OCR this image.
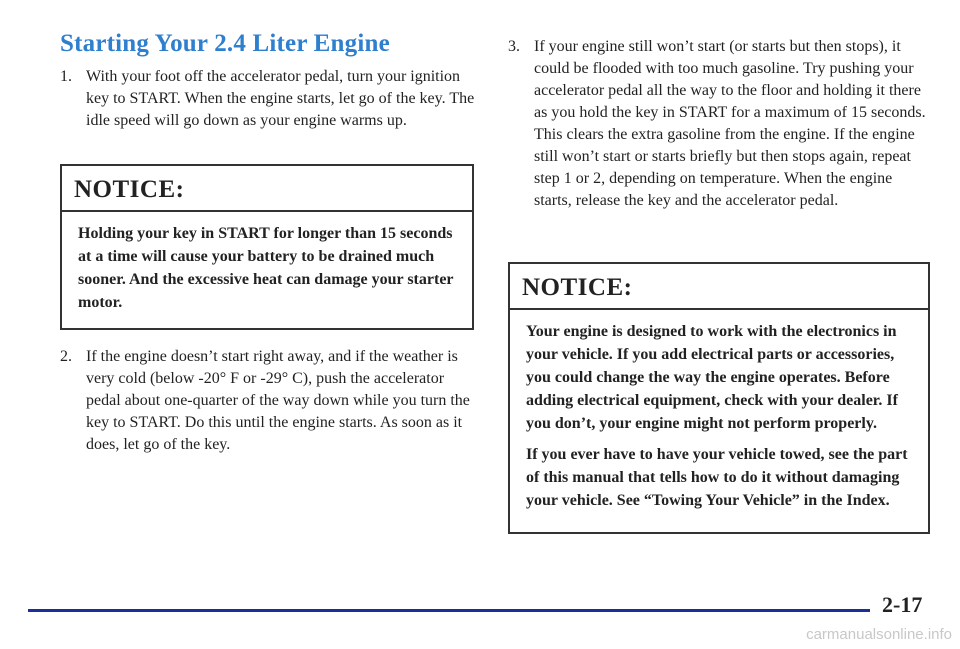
Starting Your 2.4 Liter Engine
1. With your foot off the accelerator pedal, turn your ignition key to START. When the engine starts, let go of the key. The idle speed will go down as your engine warms up.
NOTICE:

Holding your key in START for longer than 15 seconds at a time will cause your battery to be drained much sooner. And the excessive heat can damage your starter motor.

2. If the engine doesn’t start right away, and if the weather is very cold (below -20° F or -29° C), push the accelerator pedal about one-quarter of the way down while you turn the key to START. Do this until the engine starts. As soon as it does, let go of the key.
3. If your engine still won’t start (or starts but then stops), it could be flooded with too much gasoline. Try pushing your accelerator pedal all the way to the floor and holding it there as you hold the key in START for a maximum of 15 seconds. This clears the extra gasoline from the engine. If the engine still won’t start or starts briefly but then stops again, repeat step 1 or 2, depending on temperature. When the engine starts, release the key and the accelerator pedal.
NOTICE:

Your engine is designed to work with the electronics in your vehicle. If you add electrical parts or accessories, you could change the way the engine operates. Before adding electrical equipment, check with your dealer. If you don’t, your engine might not perform properly.

If you ever have to have your vehicle towed, see the part of this manual that tells how to do it without damaging your vehicle. See “Towing Your Vehicle” in the Index.

2-17
carmanualsonline.info
